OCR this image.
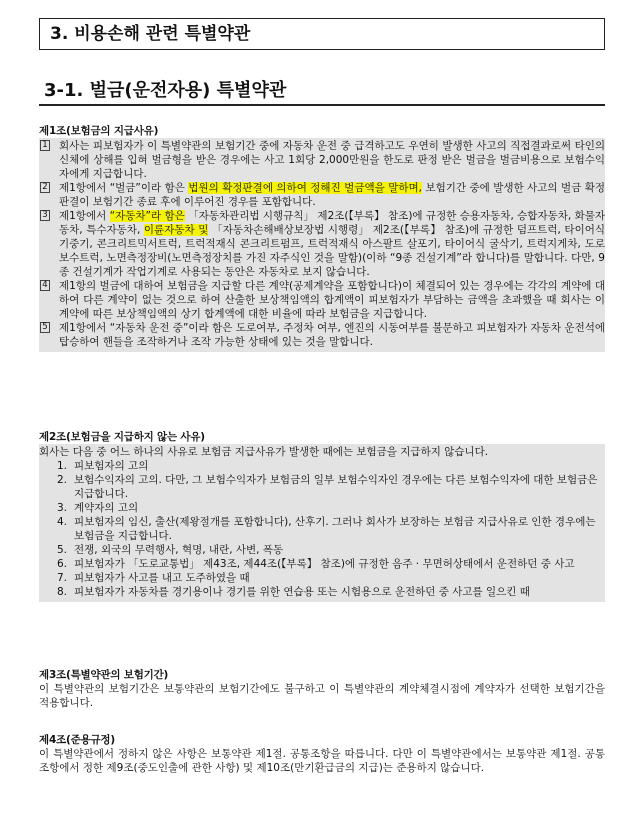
3. 비용손해 관련 특별약관
3-1. 벌금(운전자용) 특별약관
제1조(보험금의 지급사유)
1 회사는 피보험자가 이 특별약관의 보험기간 중에 자동차 운전 중 급격하고도 우연히 발생한 사고의 직접결과로써 타인의 신체에 상해를 입혀 벌금형을 받은 경우에는 사고 1회당 2,000만원을 한도로 판정 받은 벌금을 벌금비용으로 보험수익자에게 지급합니다.
2 제1항에서 “벌금”이라 함은 법원의 확정판결에 의하여 정해진 벌금액을 말하며, 보험기간 중에 발생한 사고의 벌금 확정판결이 보험기간 종료 후에 이루어진 경우를 포함합니다.
3 제1항에서 “자동차”라 함은 「자동차관리법 시행규칙」 제2조(【부록】 참조)에 규정한 승용자동차, 승합자동차, 화물자동차, 특수자동차, 이륜자동차 및 「자동차손해배상보장법 시행령」 제2조(【부록】 참조)에 규정한 덤프트럭, 타이어식 기중기, 콘크리트믹서트럭, 트럭적재식 콘크리트펌프, 트럭적재식 아스팔트 살포기, 타이어식 굴삭기, 트럭지게차, 도로보수트럭, 노면측정장비(노면측정장치를 가진 자주식인 것을 말함)(이하 “9종 건설기계”라 합니다)를 말합니다. 다만, 9종 건설기계가 작업기계로 사용되는 동안은 자동차로 보지 않습니다.
4 제1항의 벌금에 대하여 보험금을 지급할 다른 계약(공제계약을 포함합니다)이 체결되어 있는 경우에는 각각의 계약에 대하여 다른 계약이 없는 것으로 하여 산출한 보상책임액의 합계액이 피보험자가 부담하는 금액을 초과했을 때 회사는 이 계약에 따른 보상책임액의 상기 합계액에 대한 비율에 따라 보험금을 지급합니다.
5 제1항에서 “자동차 운전 중”이라 함은 도로여부, 주정차 여부, 엔진의 시동여부를 불문하고 피보험자가 자동차 운전석에 탑승하여 핸들을 조작하거나 조작 가능한 상태에 있는 것을 말합니다.
제2조(보험금을 지급하지 않는 사유)
회사는 다음 중 어느 하나의 사유로 보험금 지급사유가 발생한 때에는 보험금을 지급하지 않습니다.
1. 피보험자의 고의
2. 보험수익자의 고의. 다만, 그 보험수익자가 보험금의 일부 보험수익자인 경우에는 다른 보험수익자에 대한 보험금은 지급합니다.
3. 계약자의 고의
4. 피보험자의 임신, 출산(제왕절개를 포함합니다), 산후기. 그러나 회사가 보장하는 보험금 지급사유로 인한 경우에는 보험금을 지급합니다.
5. 전쟁, 외국의 무력행사, 혁명, 내란, 사변, 폭동
6. 피보험자가 「도로교통법」 제43조, 제44조(【부록】 참조)에 규정한 음주 · 무면허상태에서 운전하던 중 사고
7. 피보험자가 사고를 내고 도주하였을 때
8. 피보험자가 자동차를 경기용이나 경기를 위한 연습용 또는 시험용으로 운전하던 중 사고를 일으킨 때
제3조(특별약관의 보험기간)
이 특별약관의 보험기간은 보통약관의 보험기간에도 불구하고 이 특별약관의 계약체결시점에 계약자가 선택한 보험기간을 적용합니다.
제4조(준용규정)
이 특별약관에서 정하지 않은 사항은 보통약관 제1절. 공통조항을 따릅니다. 다만 이 특별약관에서는 보통약관 제1절. 공통조항에서 정한 제9조(중도인출에 관한 사항) 및 제10조(만기환급금의 지급)는 준용하지 않습니다.
